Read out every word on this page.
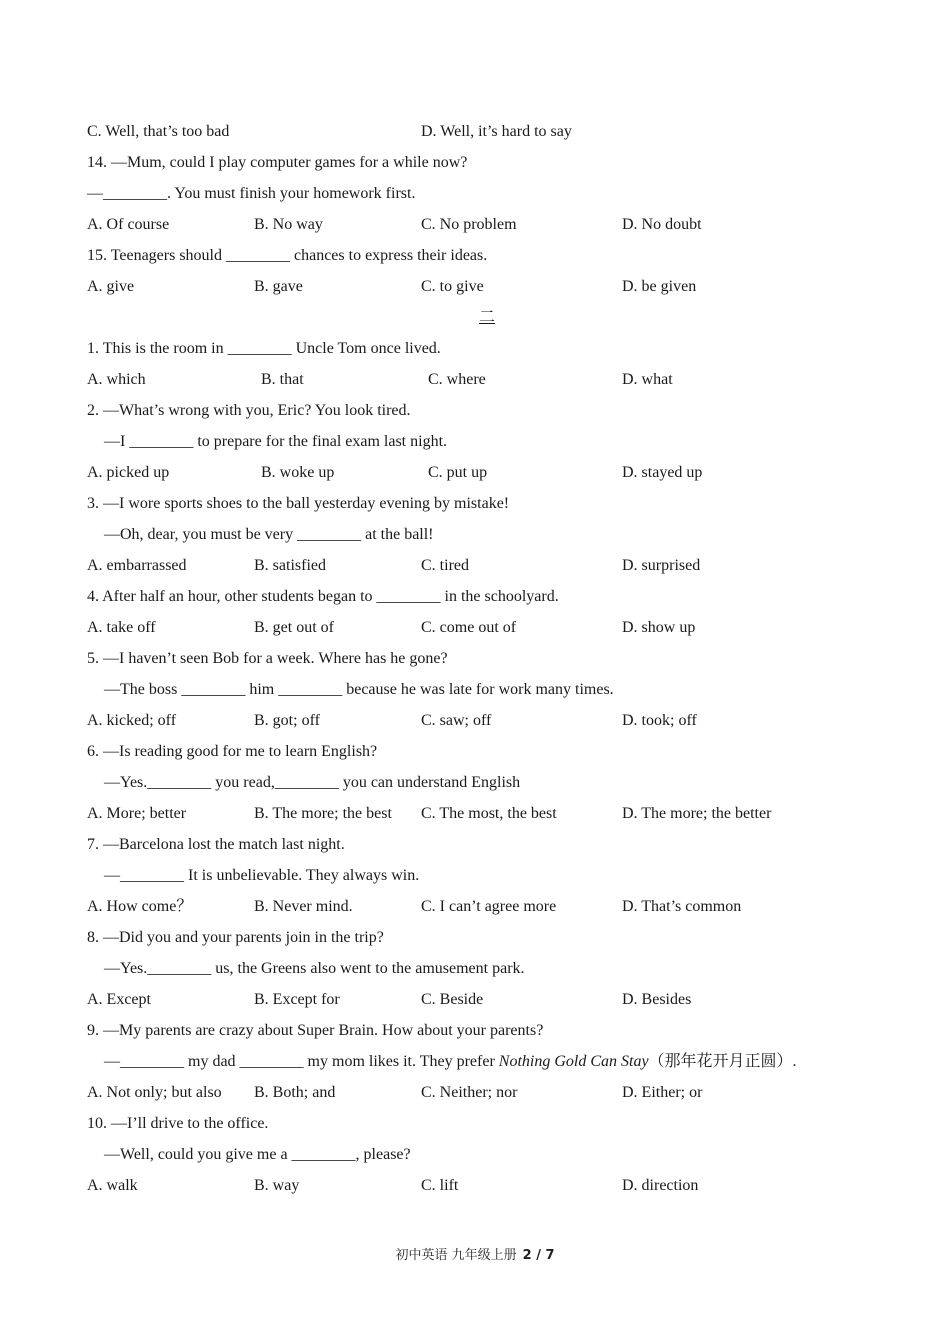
C. Well, that’s too bad	D. Well, it’s hard to say
14. —Mum, could I play computer games for a while now?
—________. You must finish your homework first.
A. Of course	B. No way	C. No problem	D. No doubt
15. Teenagers should ________ chances to express their ideas.
A. give	B. gave	C. to give	D. be given
二
1. This is the room in ________ Uncle Tom once lived.
A. which	B. that	C. where	D. what
2. —What’s wrong with you, Eric? You look tired.
—I ________ to prepare for the final exam last night.
A. picked up	B. woke up	C. put up	D. stayed up
3. —I wore sports shoes to the ball yesterday evening by mistake!
—Oh, dear, you must be very ________ at the ball!
A. embarrassed	B. satisfied	C. tired	D. surprised
4. After half an hour, other students began to ________ in the schoolyard.
A. take off	B. get out of	C. come out of	D. show up
5. —I haven’t seen Bob for a week. Where has he gone?
—The boss ________ him ________ because he was late for work many times.
A. kicked; off	B. got; off	C. saw; off	D. took; off
6. —Is reading good for me to learn English?
—Yes.________ you read,________ you can understand English
A. More; better	B. The more; the best C. The most, the best	D. The more; the better
7. —Barcelona lost the match last night.
—________ It is unbelievable. They always win.
A. How come？	B. Never mind.	C. I can’t agree more	D. That’s common
8. —Did you and your parents join in the trip?
—Yes.________ us, the Greens also went to the amusement park.
A. Except	B. Except for	C. Beside	D. Besides
9. —My parents are crazy about Super Brain. How about your parents?
—________ my dad ________ my mom likes it. They prefer Nothing Gold Can Stay（那年花开月正圆）.
A. Not only; but also B. Both; and	C. Neither; nor	D. Either; or
10. —I’ll drive to the office.
—Well, could you give me a ________, please?
A. walk	B. way	C. lift	D. direction
初中英语 九年级上册 2 / 7
